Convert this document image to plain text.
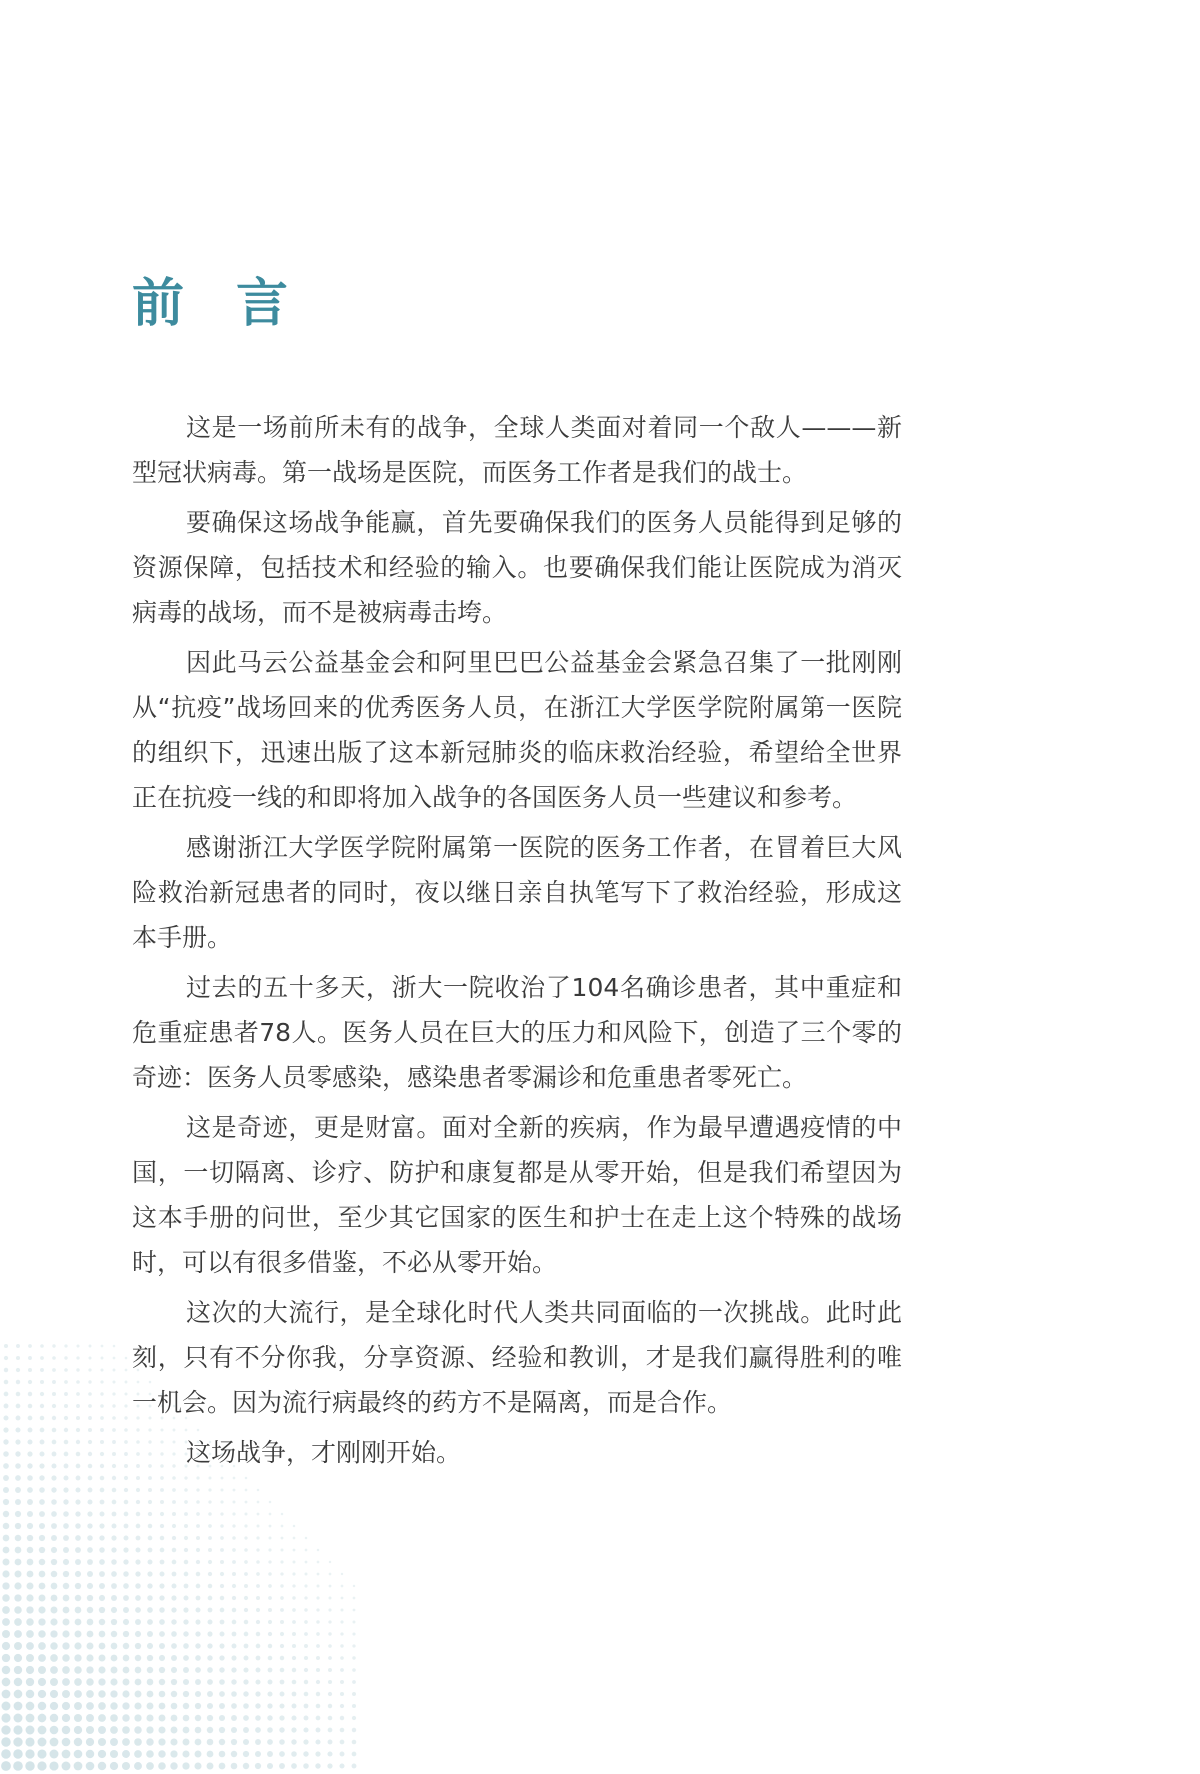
前 言

这是一场前所未有的战争，全球人类面对着同一个敌人———新型冠状病毒。第一战场是医院，而医务工作者是我们的战士。

要确保这场战争能赢，首先要确保我们的医务人员能得到足够的资源保障，包括技术和经验的输入。也要确保我们能让医院成为消灭病毒的战场，而不是被病毒击垮。

因此马云公益基金会和阿里巴巴公益基金会紧急召集了一批刚刚从“抗疫”战场回来的优秀医务人员，在浙江大学医学院附属第一医院的组织下，迅速出版了这本新冠肺炎的临床救治经验，希望给全世界正在抗疫一线的和即将加入战争的各国医务人员一些建议和参考。

感谢浙江大学医学院附属第一医院的医务工作者，在冒着巨大风险救治新冠患者的同时，夜以继日亲自执笔写下了救治经验，形成这本手册。

过去的五十多天，浙大一院收治了104名确诊患者，其中重症和危重症患者78人。医务人员在巨大的压力和风险下，创造了三个零的奇迹：医务人员零感染，感染患者零漏诊和危重患者零死亡。

这是奇迹，更是财富。面对全新的疾病，作为最早遭遇疫情的中国，一切隔离、诊疗、防护和康复都是从零开始，但是我们希望因为这本手册的问世，至少其它国家的医生和护士在走上这个特殊的战场时，可以有很多借鉴，不必从零开始。

这次的大流行，是全球化时代人类共同面临的一次挑战。此时此刻，只有不分你我，分享资源、经验和教训，才是我们赢得胜利的唯一机会。因为流行病最终的药方不是隔离，而是合作。

这场战争，才刚刚开始。
